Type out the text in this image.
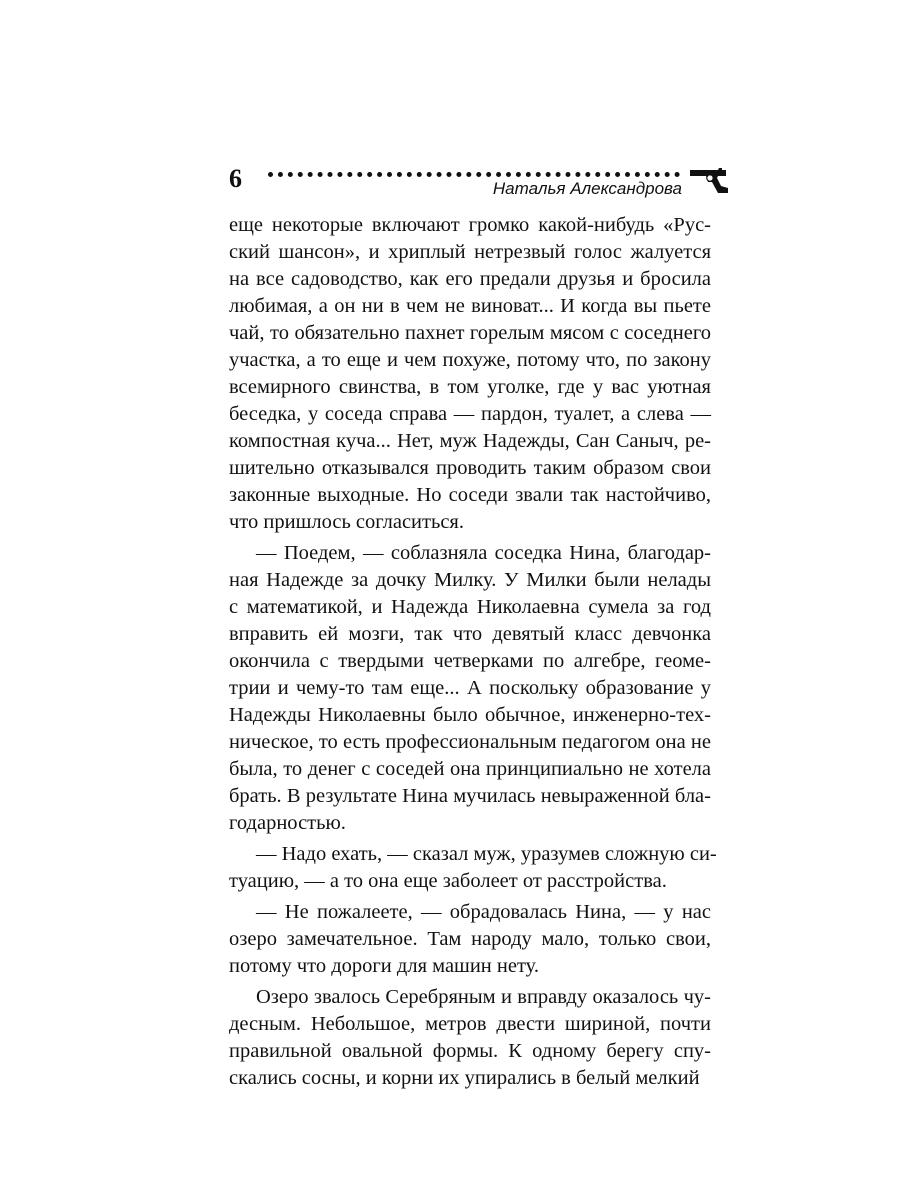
6	Наталья Александрова
еще некоторые включают громко какой-нибудь «Рус-
ский шансон», и хриплый нетрезвый голос жалуется
на все садоводство, как его предали друзья и бросила
любимая, а он ни в чем не виноват... И когда вы пьете
чай, то обязательно пахнет горелым мясом с соседнего
участка, а то еще и чем похуже, потому что, по закону
всемирного свинства, в том уголке, где у вас уютная
беседка, у соседа справа — пардон, туалет, а слева —
компостная куча... Нет, муж Надежды, Сан Саныч, ре-
шительно отказывался проводить таким образом свои
законные выходные. Но соседи звали так настойчиво,
что пришлось согласиться.
— Поедем, — соблазняла соседка Нина, благодар-
ная Надежде за дочку Милку. У Милки были нелады
с математикой, и Надежда Николаевна сумела за год
вправить ей мозги, так что девятый класс девчонка
окончила с твердыми четверками по алгебре, геоме-
трии и чему-то там еще... А поскольку образование у
Надежды Николаевны было обычное, инженерно-тех-
ническое, то есть профессиональным педагогом она не
была, то денег с соседей она принципиально не хотела
брать. В результате Нина мучилась невыраженной бла-
годарностью.
— Надо ехать, — сказал муж, уразумев сложную си-
туацию, — а то она еще заболеет от расстройства.
— Не пожалеете, — обрадовалась Нина, — у нас
озеро замечательное. Там народу мало, только свои,
потому что дороги для машин нету.
Озеро звалось Серебряным и вправду оказалось чу-
десным. Небольшое, метров двести шириной, почти
правильной овальной формы. К одному берегу спу-
скались сосны, и корни их упирались в белый мелкий
